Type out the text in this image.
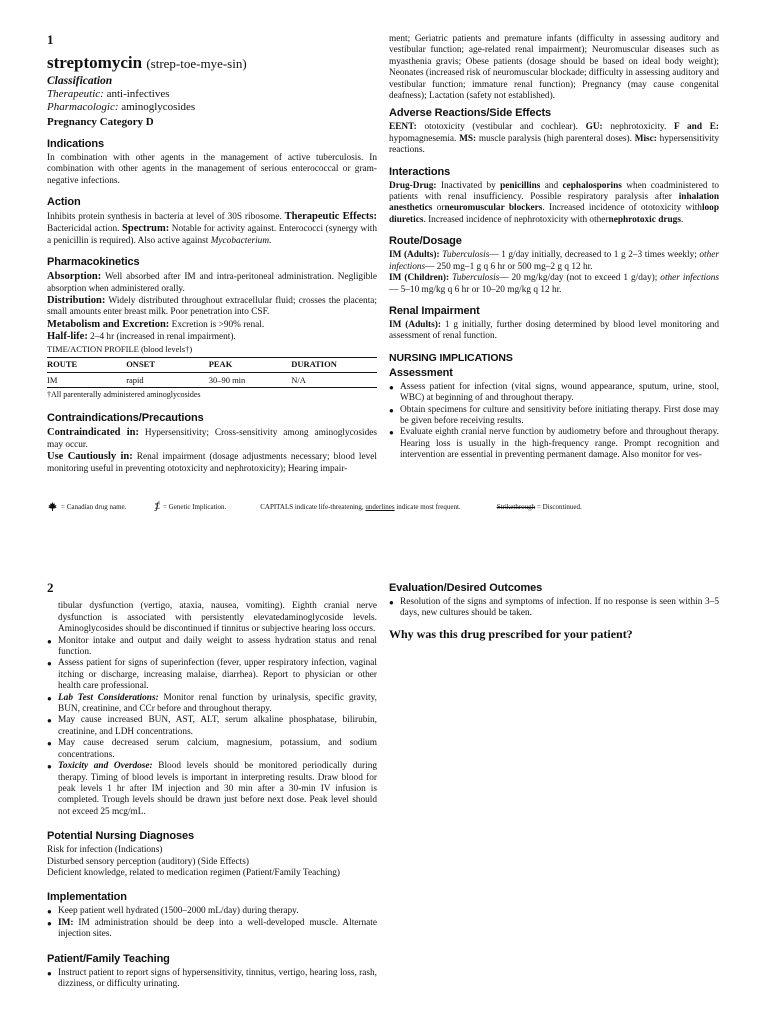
1
streptomycin (strep-toe-mye-sin)
Classification
Therapeutic: anti-infectives
Pharmacologic: aminoglycosides
Pregnancy Category D
Indications

In combination with other agents in the management of active tuberculosis. In combination with other agents in the management of serious enterococcal or gram-negative infections.

Action

Inhibits protein synthesis in bacteria at level of 30S ribosome. Therapeutic Effects: Bactericidal action. Spectrum: Notable for activity against. Enterococci (synergy with a penicillin is required). Also active against Mycobacterium.

Pharmacokinetics

Absorption: Well absorbed after IM and intra-peritoneal administration. Negligible absorption when administered orally.

Distribution: Widely distributed throughout extracellular fluid; crosses the placenta; small amounts enter breast milk. Poor penetration into CSF.

Metabolism and Excretion: Excretion is >90% renal.

Half-life: 2–4 hr (increased in renal impairment).

TIME/ACTION PROFILE (blood levels†)
ROUTE	ONSET	PEAK	DURATION
IM	rapid	30–90 min	N/A
†All parenterally administered aminoglycosides
Contraindications/Precautions

Contraindicated in: Hypersensitivity; Cross-sensitivity among aminoglycosides may occur.

Use Cautiously in: Renal impairment (dosage adjustments necessary; blood level monitoring useful in preventing ototoxicity and nephrotoxicity); Hearing impair-

ment; Geriatric patients and premature infants (difficulty in assessing auditory and vestibular function; age-related renal impairment); Neuromuscular diseases such as myasthenia gravis; Obese patients (dosage should be based on ideal body weight); Neonates (increased risk of neuromuscular blockade; difficulty in assessing auditory and vestibular function; immature renal function); Pregnancy (may cause congenital deafness); Lactation (safety not established).

Adverse Reactions/Side Effects

EENT: ototoxicity (vestibular and cochlear). GU: nephrotoxicity. F and E: hypomagnesemia. MS: muscle paralysis (high parenteral doses). Misc: hypersensitivity reactions.

Interactions

Drug-Drug: Inactivated by penicillins and cephalosporins when coadministered to patients with renal insufficiency. Possible respiratory paralysis after inhalation anesthetics orneuromuscular blockers. Increased incidence of ototoxicity withloop diuretics. Increased incidence of nephrotoxicity with othernephrotoxic drugs.

Route/Dosage

IM (Adults): Tuberculosis— 1 g/day initially, decreased to 1 g 2–3 times weekly; other infections— 250 mg–1 g q 6 hr or 500 mg–2 g q 12 hr.

IM (Children): Tuberculosis— 20 mg/kg/day (not to exceed 1 g/day); other infections— 5–10 mg/kg q 6 hr or 10–20 mg/kg q 12 hr.

Renal Impairment

IM (Adults): 1 g initially, further dosing determined by blood level monitoring and assessment of renal function.

NURSING IMPLICATIONS
Assessment
● Assess patient for infection (vital signs, wound appearance, sputum, urine, stool, WBC) at beginning of and throughout therapy.
● Obtain specimens for culture and sensitivity before initiating therapy. First dose may be given before receiving results.
● Evaluate eighth cranial nerve function by audiometry before and throughout therapy. Hearing loss is usually in the high-frequency range. Prompt recognition and intervention are essential in preventing permanent damage. Also monitor for ves-
= Canadian drug name.	⨋ = Genetic Implication.	CAPITALS indicate life-threatening,
underlines
indicate most frequent.	Strikethrough
= Discontinued.
2

tibular dysfunction (vertigo, ataxia, nausea, vomiting). Eighth cranial nerve dysfunction is associated with persistently elevatedaminoglycoside levels. Aminoglycosides should be discontinued if tinnitus or subjective hearing loss occurs.

● Monitor intake and output and daily weight to assess hydration status and renal function.
● Assess patient for signs of superinfection (fever, upper respiratory infection, vaginal itching or discharge, increasing malaise, diarrhea). Report to physician or other health care professional.
● Lab Test Considerations: Monitor renal function by urinalysis, specific gravity, BUN, creatinine, and CCr before and throughout therapy.
● May cause increased BUN, AST, ALT, serum alkaline phosphatase, bilirubin, creatinine, and LDH concentrations.
● May cause decreased serum calcium, magnesium, potassium, and sodium concentrations.
● Toxicity and Overdose: Blood levels should be monitored periodically during therapy. Timing of blood levels is important in interpreting results. Draw blood for peak levels 1 hr after IM injection and 30 min after a 30-min IV infusion is completed. Trough levels should be drawn just before next dose. Peak level should not exceed 25 mcg/mL.
Potential Nursing Diagnoses

Risk for infection (Indications)

Disturbed sensory perception (auditory) (Side Effects)

Deficient knowledge, related to medication regimen (Patient/Family Teaching)

Implementation
● Keep patient well hydrated (1500–2000 mL/day) during therapy.
● IM: IM administration should be deep into a well-developed muscle. Alternate injection sites.
Patient/Family Teaching
● Instruct patient to report signs of hypersensitivity, tinnitus, vertigo, hearing loss, rash, dizziness, or difficulty urinating.
Evaluation/Desired Outcomes
● Resolution of the signs and symptoms of infection. If no response is seen within 3–5 days, new cultures should be taken.
Why was this drug prescribed for your patient?
